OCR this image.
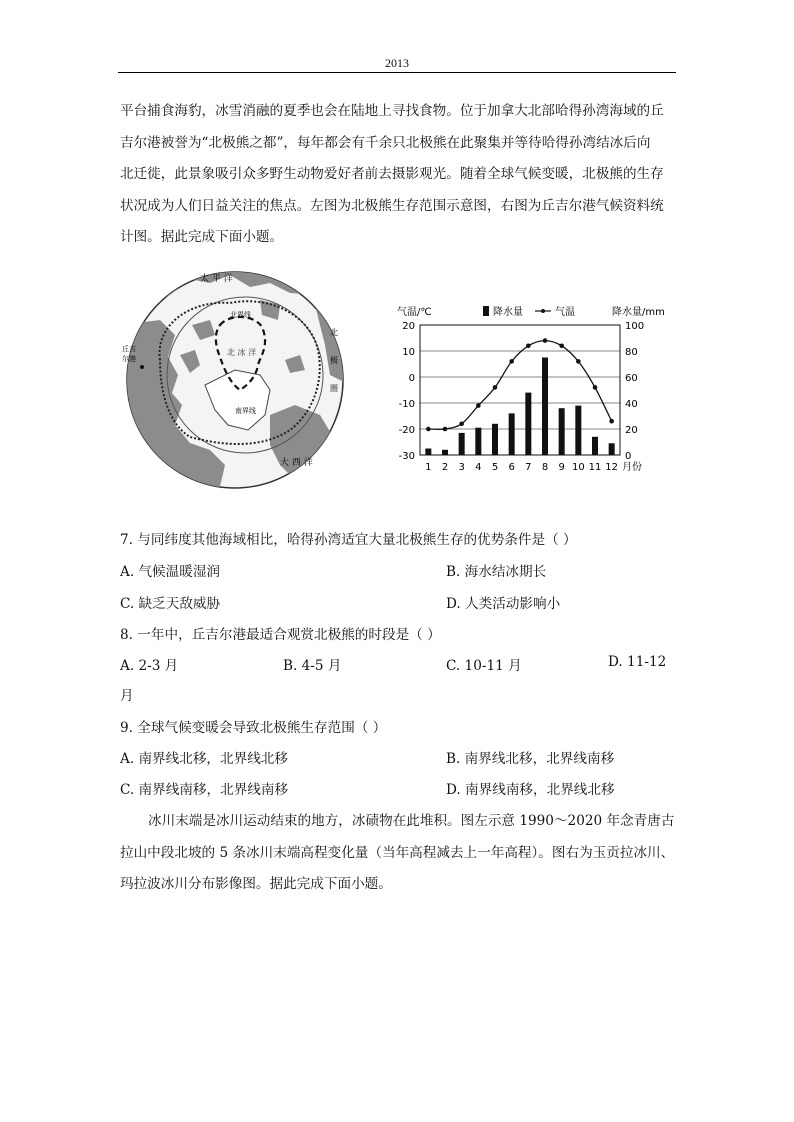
2013
平台捕食海豹，冰雪消融的夏季也会在陆地上寻找食物。位于加拿大北部哈得孙湾海域的丘
吉尔港被誉为“北极熊之都”，每年都会有千余只北极熊在此聚集并等待哈得孙湾结冰后向
北迁徙，此景象吸引众多野生动物爱好者前去摄影观光。随着全球气候变暖，北极熊的生存
状况成为人们日益关注的焦点。左图为北极熊生存范围示意图，右图为丘吉尔港气候资料统
计图。据此完成下面小题。
太 平 洋
北界线
北 冰 洋
南界线
丘吉
尔港
北
极
圈
大 西 洋
气温/℃	降水量/mm
降水量	气温
20
10
0
-10
-20
-30
100
80
60
40
20
0
1 2 3 4 5 6 7 8 9 10 11 12 月份
7. 与同纬度其他海域相比，哈得孙湾适宜大量北极熊生存的优势条件是（ ）
A. 气候温暖湿润	B. 海水结冰期长
C. 缺乏天敌威胁	D. 人类活动影响小
8. 一年中，丘吉尔港最适合观赏北极熊的时段是（ ）
A. 2-3 月	B. 4-5 月	C. 10-11 月	D. 11-12
月
9. 全球气候变暖会导致北极熊生存范围（ ）
A. 南界线北移，北界线北移	B. 南界线北移，北界线南移
C. 南界线南移，北界线南移	D. 南界线南移，北界线北移
冰川末端是冰川运动结束的地方，冰碛物在此堆积。图左示意 1990～2020 年念青唐古
拉山中段北坡的 5 条冰川末端高程变化量（当年高程减去上一年高程）。图右为玉贡拉冰川、
玛拉波冰川分布影像图。据此完成下面小题。
